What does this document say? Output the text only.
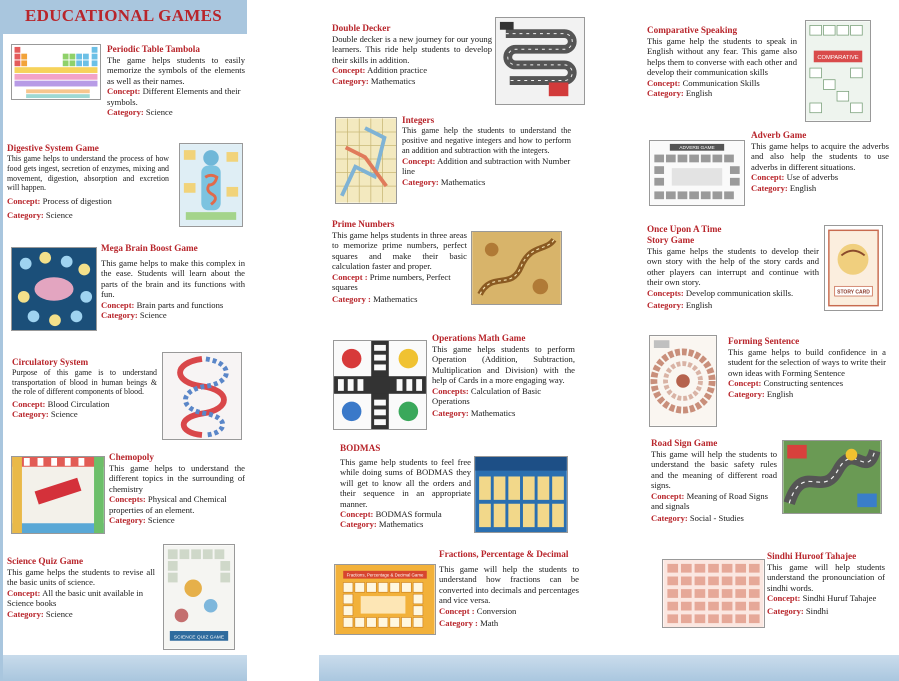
EDUCATIONAL GAMES
Periodic Table Tambola
The game helps students to easily memorize the symbols of the elements as well as their names.
Concept: Different Elements and their symbols.
Category: Science
Digestive System Game
This game helps to understand the process of how food gets ingest, secretion of enzymes, mixing and movement, digestion, absorption and excretion will happen.
Concept: Process of digestion
Category: Science
Mega Brain Boost Game
This game helps to make this complex in the ease. Students will learn about the parts of the brain and its functions with fun.
Concept: Brain parts and functions
Category: Science
Circulatory System
Purpose of this game is to understand transportation of blood in human beings & the role of different components of blood.
Concept: Blood Circulation
Category: Science
Chemopoly
This game helps to understand the different topics in the surrounding of chemistry
Concepts: Physical and Chemical properties of an element.
Category: Science
Science Quiz Game
This game helps the students to revise all the basic units of science.
Concept: All the basic unit available in Science books
Category: Science
SCIENCE QUIZ GAME
Double Decker
Double decker is a new journey for our young learners. This ride help students to develop their skills in addition.
Concept: Addition practice
Category: Mathematics
Integers
This game help the students to understand the positive and negative integers and how to perform an addition and subtraction with the integers.
Concept: Addition and subtraction with Number line
Category: Mathematics
Prime Numbers
This game helps students in three areas to memorize prime numbers, perfect squares and make their basic calculation faster and proper.
Concept : Prime numbers, Perfect squares
Category : Mathematics
Operations Math Game
This game helps students to perform Operation (Addition, Subtraction, Multiplication and Division) with the help of Cards in a more engaging way.
Concepts: Calculation of Basic Operations
Category: Mathematics
BODMAS
This game help students to feel free while doing sums of BODMAS they will get to know all the orders and their sequence in an appropriate manner.
Concept: BODMAS formula
Category: Mathematics
Fractions, Percentage & Decimal Game
Fractions, Percentage & Decimal
This game will help the students to understand how fractions can be converted into decimals and percentages and vice versa.
Concept : Conversion
Category : Math
Comparative Speaking
This game help the students to speak in English without any fear. This game also helps them to converse with each other and develop their communication skills
Concept: Communication Skills
Category: English
COMPARATIVE
ADVERB GAME
Adverb Game
This game helps to acquire the adverbs and also help the students to use adverbs in different situations.
Concept: Use of adverbs
Category: English
Once Upon A Time
Story Game
This game helps the students to develop their own story with the help of the story cards and other players can interrupt and continue with their own story.
Concepts: Develop communication skills.
Category: English
STORY CARD
Forming Sentence
This game helps to build confidence in a student for the selection of ways to write their own ideas with Forming Sentence
Concept: Constructing sentences
Category: English
Road Sign Game
This game will help the students to understand the basic safety rules and the meaning of different road signs.
Concept: Meaning of Road Signs and signals
Category: Social - Studies
Sindhi Huroof Tahajee
This game will help students understand the pronounciation of sindhi words.
Concept: Sindhi Huruf Tahajee
Category: Sindhi
